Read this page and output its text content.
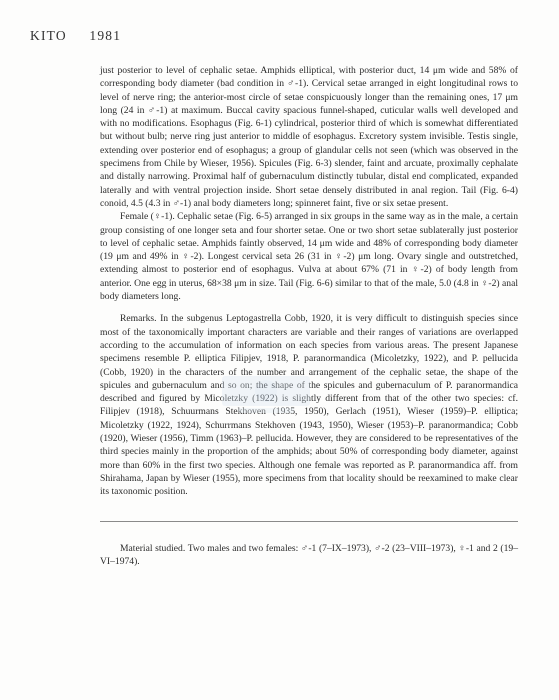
KITO 1981

just posterior to level of cephalic setae. Amphids elliptical, with posterior duct, 14 μm wide and 58% of corresponding body diameter (bad condition in ♂-1). Cervical setae arranged in eight longitudinal rows to level of nerve ring; the anterior-most circle of setae conspicuously longer than the remaining ones, 17 μm long (24 in ♂-1) at maximum. Buccal cavity spacious funnel-shaped, cuticular walls well developed and with no modifications. Esophagus (Fig. 6-1) cylindrical, posterior third of which is somewhat differentiated but without bulb; nerve ring just anterior to middle of esophagus. Excretory system invisible. Testis single, extending over posterior end of esophagus; a group of glandular cells not seen (which was observed in the specimens from Chile by Wieser, 1956). Spicules (Fig. 6-3) slender, faint and arcuate, proximally cephalate and distally narrowing. Proximal half of gubernaculum distinctly tubular, distal end complicated, expanded laterally and with ventral projection inside. Short setae densely distributed in anal region. Tail (Fig. 6-4) conoid, 4.5 (4.3 in ♂-1) anal body diameters long; spinneret faint, five or six setae present.

Female (♀-1). Cephalic setae (Fig. 6-5) arranged in six groups in the same way as in the male, a certain group consisting of one longer seta and four shorter setae. One or two short setae sublaterally just posterior to level of cephalic setae. Amphids faintly observed, 14 μm wide and 48% of corresponding body diameter (19 μm and 49% in ♀-2). Longest cervical seta 26 (31 in ♀-2) μm long. Ovary single and outstretched, extending almost to posterior end of esophagus. Vulva at about 67% (71 in ♀-2) of body length from anterior. One egg in uterus, 68×38 μm in size. Tail (Fig. 6-6) similar to that of the male, 5.0 (4.8 in ♀-2) anal body diameters long.

Remarks. In the subgenus Leptogastrella Cobb, 1920, it is very difficult to distinguish species since most of the taxonomically important characters are variable and their ranges of variations are overlapped according to the accumulation of information on each species from various areas. The present Japanese specimens resemble P. elliptica Filipjev, 1918, P. paranormandica (Micoletzky, 1922), and P. pellucida (Cobb, 1920) in the characters of the number and arrangement of the cephalic setae, the shape of the spicules and gubernaculum and so on; the shape of the spicules and gubernaculum of P. paranormandica described and figured by Micoletzky (1922) is slightly different from that of the other two species: cf. Filipjev (1918), Schuurmans Stekhoven (1935, 1950), Gerlach (1951), Wieser (1959)–P. elliptica; Micoletzky (1922, 1924), Schurrmans Stekhoven (1943, 1950), Wieser (1953)–P. paranormandica; Cobb (1920), Wieser (1956), Timm (1963)–P. pellucida. However, they are considered to be representatives of the third species mainly in the proportion of the amphids; about 50% of corresponding body diameter, against more than 60% in the first two species. Although one female was reported as P. paranormandica aff. from Shirahama, Japan by Wieser (1955), more specimens from that locality should be reexamined to make clear its taxonomic position.

Material studied. Two males and two females: ♂-1 (7–IX–1973), ♂-2 (23–VIII–1973), ♀-1 and 2 (19–VI–1974).
